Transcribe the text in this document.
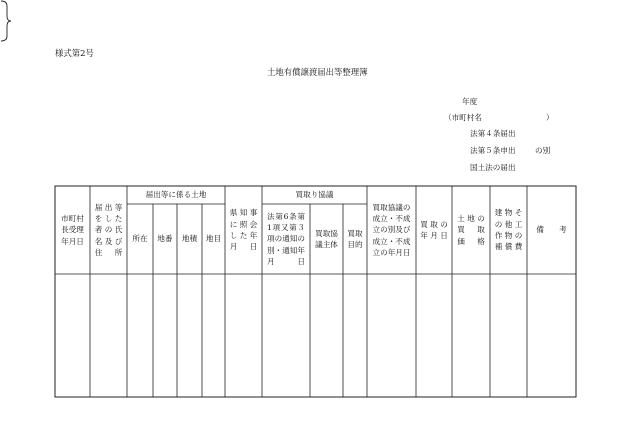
様式第2号
土地有償譲渡届出等整理簿
年度
（市町村名	）
法第４条届出
法第５条申出
国土法の届出
の別
市町村
長受理
年月日
届 出 等
を し た
者 の 氏
名 及 び
住所
届出等に係る土地
所在 地番 地積 地目
県 知 事
に 照 会
し た 年
月日
買取り協議
法第6条第
1項又第３
項の通知の
別・通知年
月日
買取協
議主体
買取
目的
買取協議の
成立・不成
立の別及び
成立・不成
立の年月日
買 取 の
年月日
土 地 の
買　取
価　格
建 物 そ
の 他 工
作 物 の
補償費
備　　考
